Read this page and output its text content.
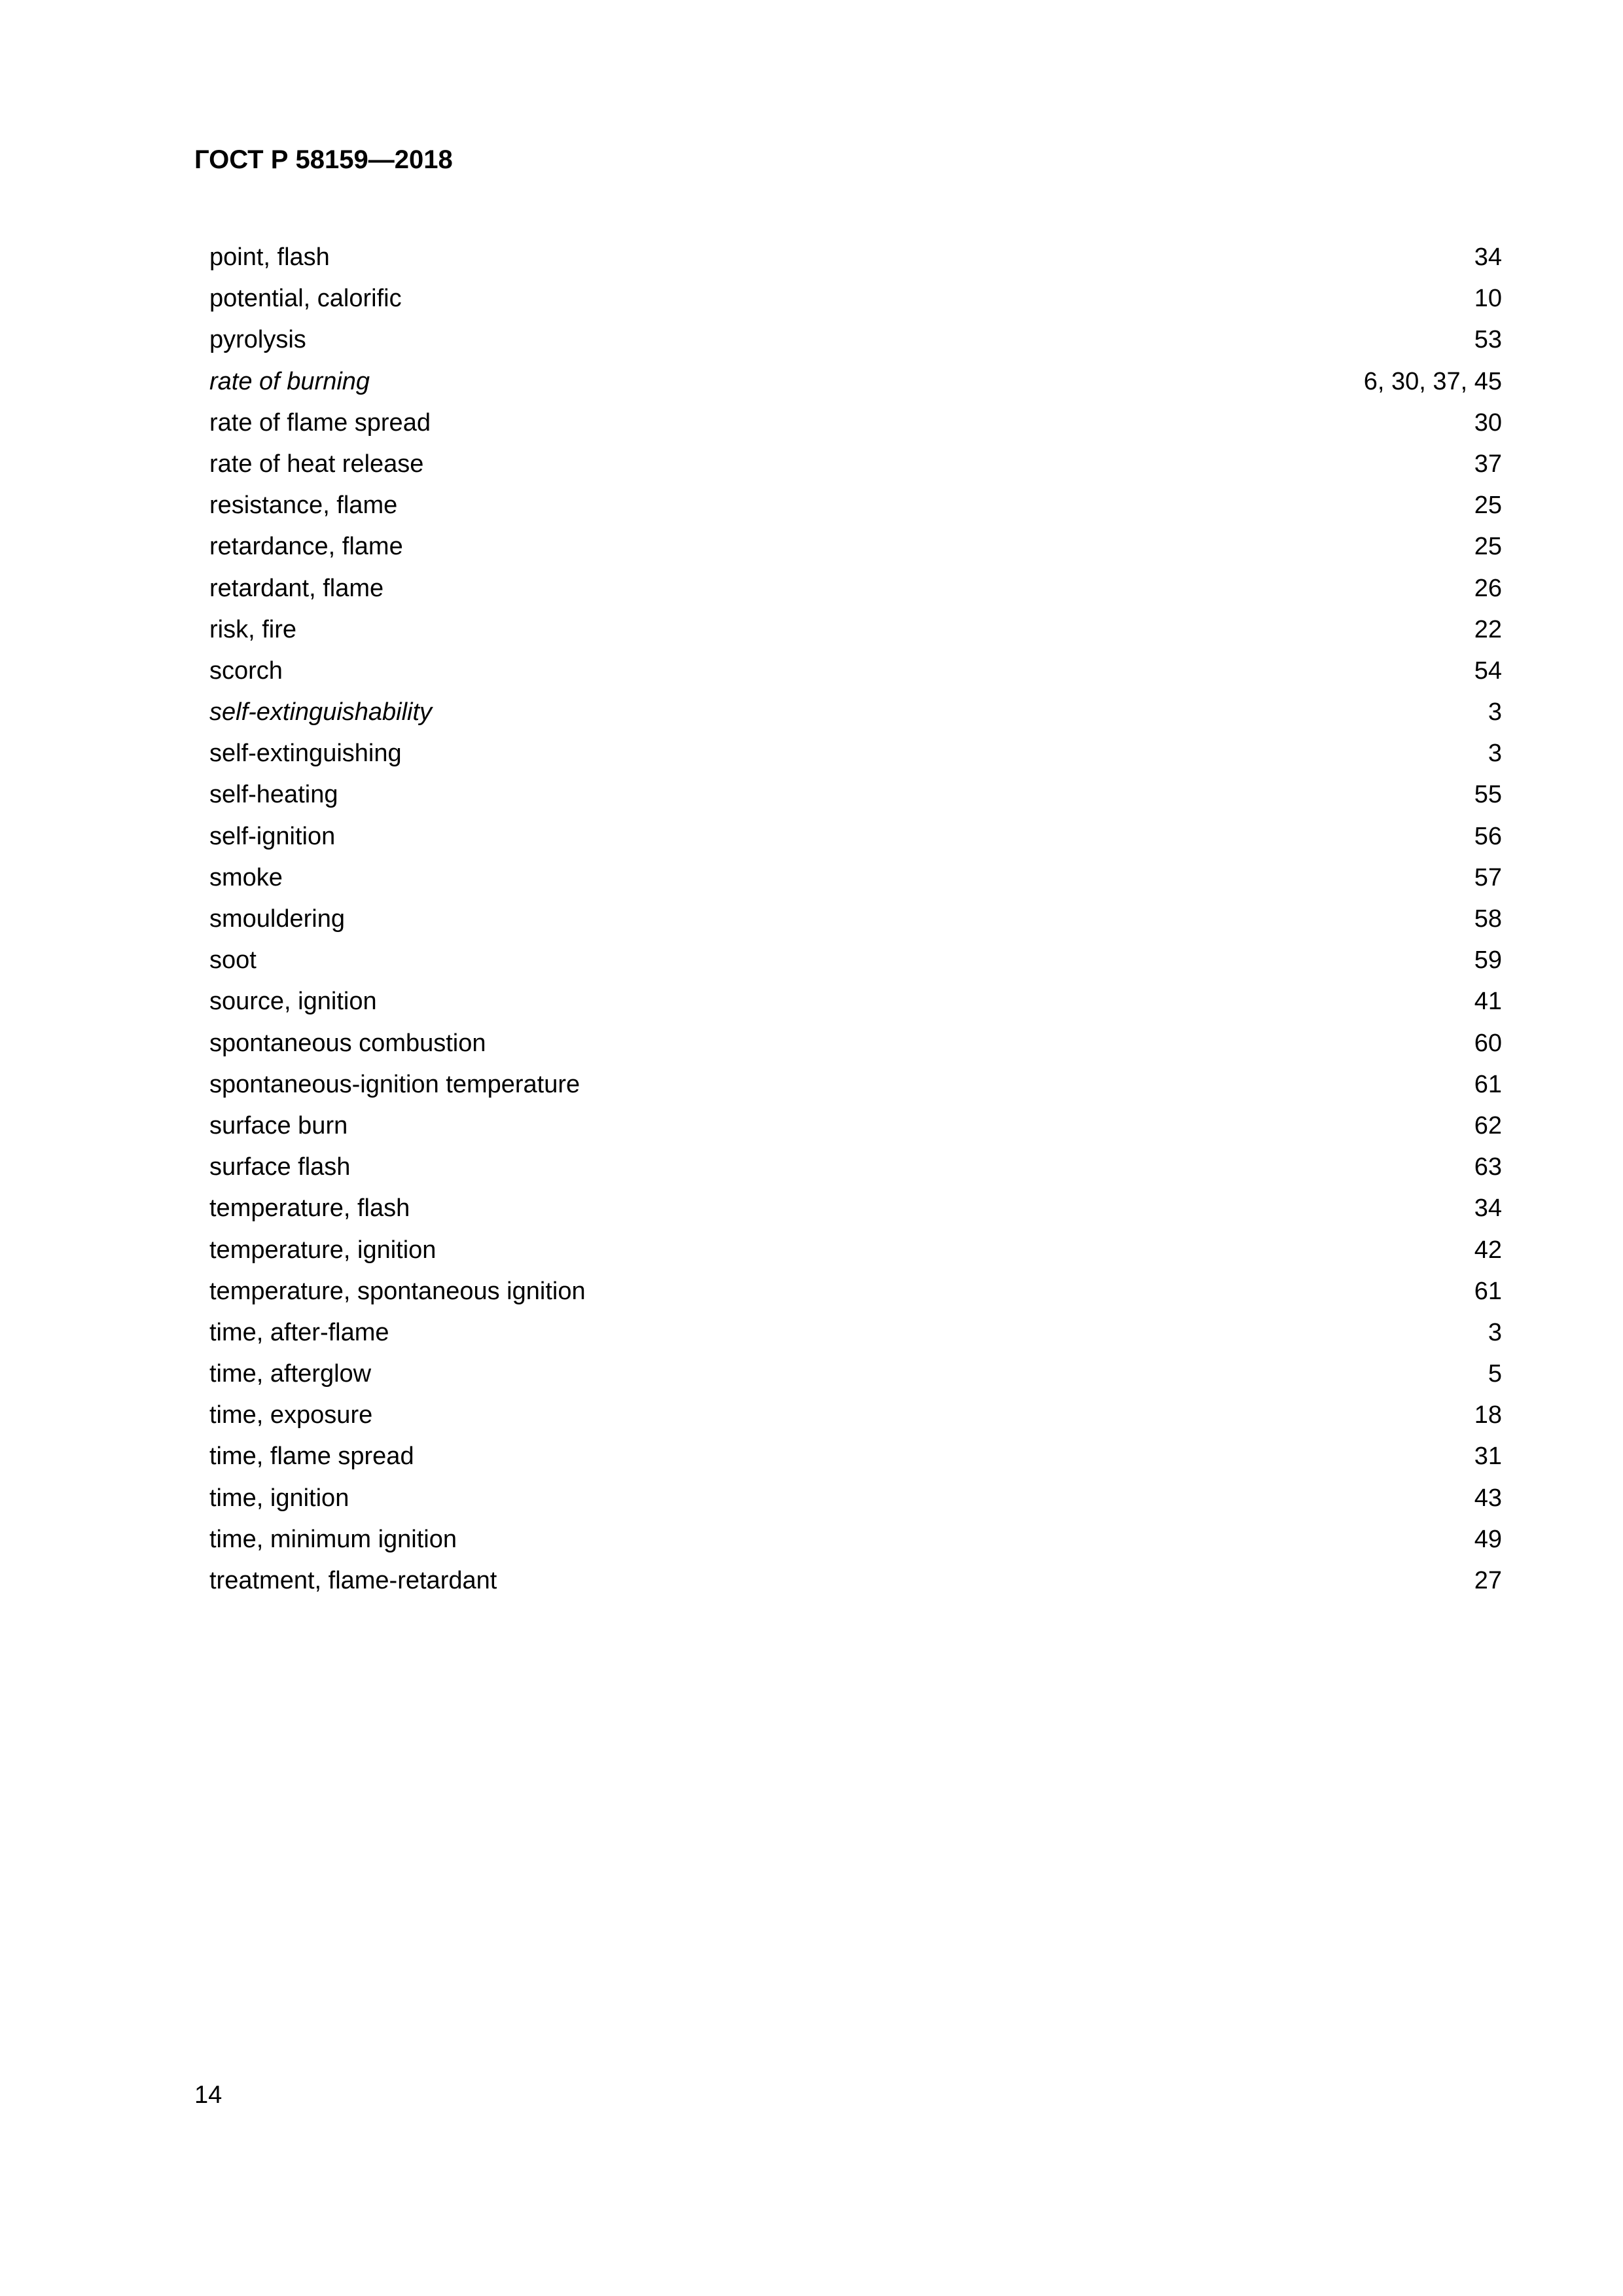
ГОСТ Р 58159—2018
point, flash	34
potential, calorific	10
pyrolysis	53
rate of burning	6, 30, 37, 45
rate of flame spread	30
rate of heat release	37
resistance, flame	25
retardance, flame	25
retardant, flame	26
risk, fire	22
scorch	54
self-extinguishability	3
self-extinguishing	3
self-heating	55
self-ignition	56
smoke	57
smouldering	58
soot	59
source, ignition	41
spontaneous combustion	60
spontaneous-ignition temperature	61
surface burn	62
surface flash	63
temperature, flash	34
temperature, ignition	42
temperature, spontaneous ignition	61
time, after-flame	3
time, afterglow	5
time, exposure	18
time, flame spread	31
time, ignition	43
time, minimum ignition	49
treatment, flame-retardant	27
14
